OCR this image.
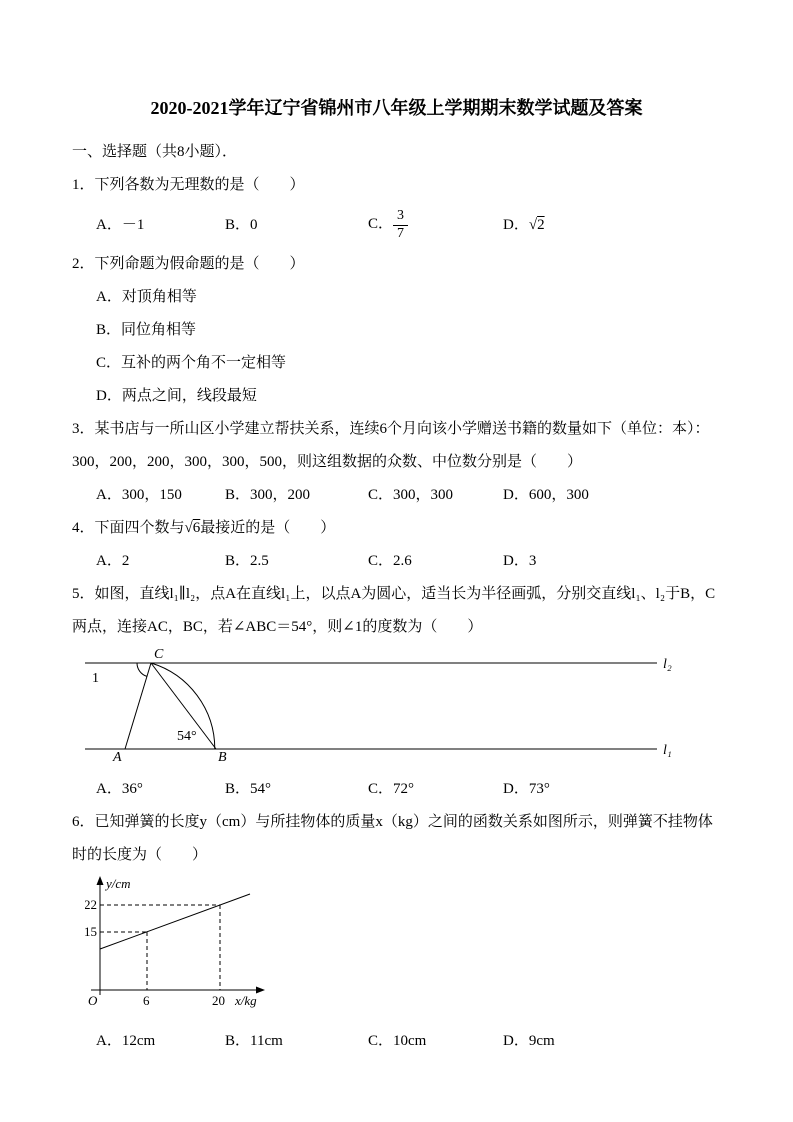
2020-2021学年辽宁省锦州市八年级上学期期末数学试题及答案

一、选择题（共8小题）．

1．下列各数为无理数的是（　　）

A．－1	B．0	C． $\frac{3}{7}$	D．√2

2．下列命题为假命题的是（　　）

A．对顶角相等
B．同位角相等
C．互补的两个角不一定相等
D．两点之间，线段最短

3．某书店与一所山区小学建立帮扶关系，连续6个月向该小学赠送书籍的数量如下（单位：本）：300，200，200，300，300，500，则这组数据的众数、中位数分别是（　　）

A．300，150	B．300，200	C．300，300	D．600，300

4．下面四个数与√6最接近的是（　　）

A．2	B．2.5	C．2.6	D．3

5．如图，直线l₁∥l₂，点A在直线l₁上，以点A为圆心，适当长为半径画弧，分别交直线l₁、l₂于B，C两点，连接AC，BC，若∠ABC＝54°，则∠1的度数为（　　）

l₂
l₁
C
A	B
1
54°
A．36°	B．54°	C．72°	D．73°

6．已知弹簧的长度y（cm）与所挂物体的质量x（kg）之间的函数关系如图所示，则弹簧不挂物体时的长度为（　　）

y/cm
x/kg
O
22
15
6	20
A．12cm	B．11cm	C．10cm	D．9cm
